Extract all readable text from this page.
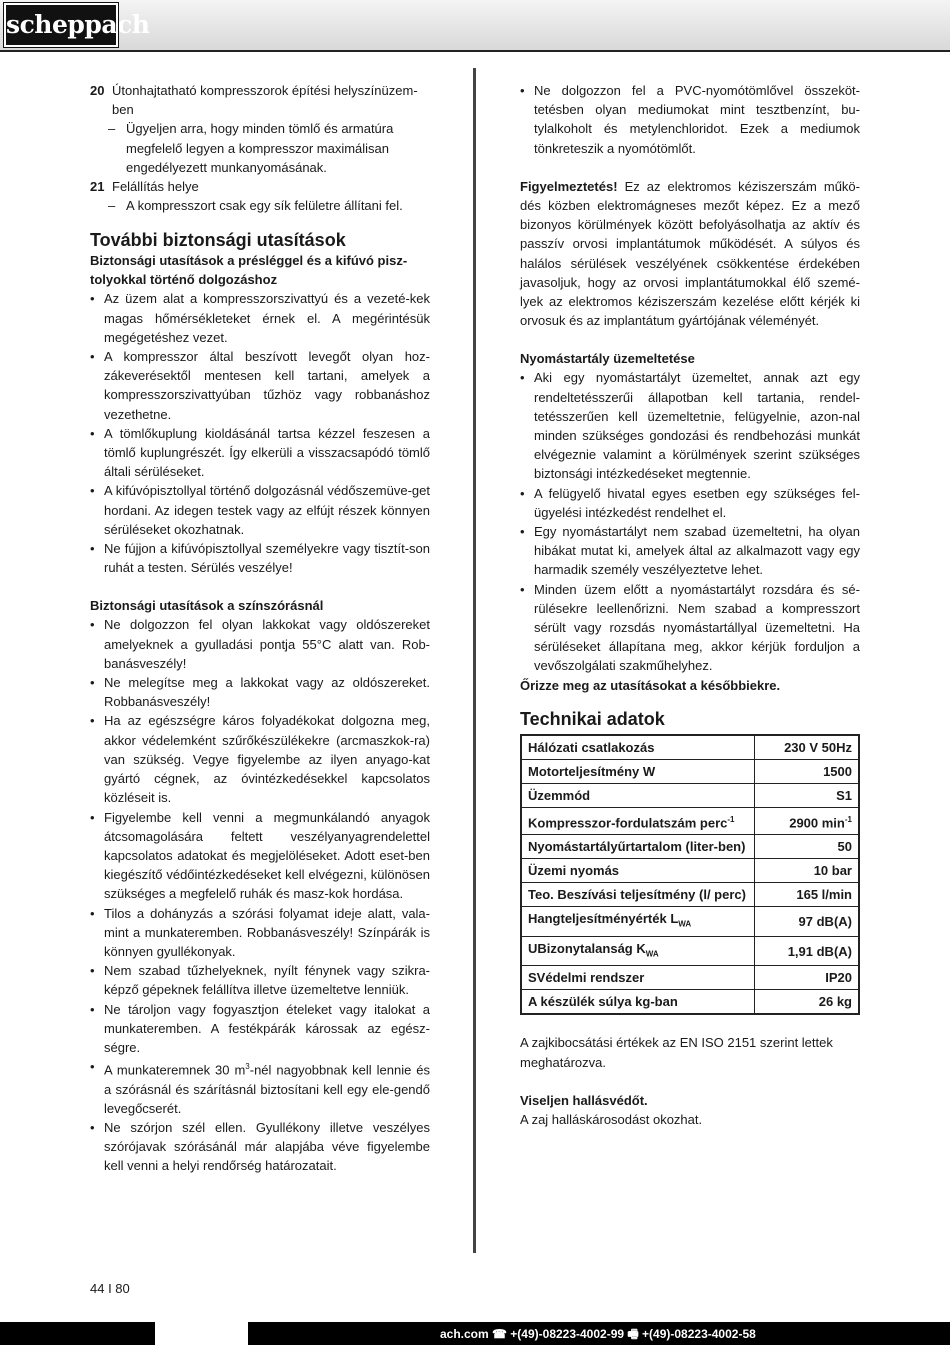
scheppach

20 Útonhajtatható kompresszorok építési helyszínüzem-ben

– Ügyeljen arra, hogy minden tömlő és armatúra megfelelő legyen a kompresszor maximálisan engedélyezett munkanyomásának.

21 Felállítás helye

– A kompresszort csak egy sík felületre állítani fel.

További biztonsági utasítások
Biztonsági utasítások a présléggel és a kifúvó pisz-tolyokkal történő dolgozáshoz
• Az üzem alat a kompresszorszivattyú és a vezeté-kek magas hőmérsékleteket érnek el. A megérintésük megégetéshez vezet.
• A kompresszor által beszívott levegőt olyan hoz-zákeverésektől mentesen kell tartani, amelyek a kompresszorszivattyúban tűzhöz vagy robbanáshoz vezethetne.
• A tömlőkuplung kioldásánál tartsa kézzel feszesen a tömlő kuplungrészét. Így elkerüli a visszacsapódó tömlő általi sérüléseket.
• A kifúvópisztollyal történő dolgozásnál védőszemüve-get hordani. Az idegen testek vagy az elfújt részek könnyen sérüléseket okozhatnak.
• Ne fújjon a kifúvópisztollyal személyekre vagy tisztít-son ruhát a testen. Sérülés veszélye!
Biztonsági utasítások a színszórásnál
• Ne dolgozzon fel olyan lakkokat vagy oldószereket amelyeknek a gyulladási pontja 55°C alatt van. Rob-banásveszély!
• Ne melegítse meg a lakkokat vagy az oldószereket. Robbanásveszély!
• Ha az egészségre káros folyadékokat dolgozna meg, akkor védelemként szűrőkészülékekre (arcmaszkok-ra) van szükség. Vegye figyelembe az ilyen anyago-kat gyártó cégnek, az óvintézkedésekkel kapcsolatos közléseit is.
• Figyelembe kell venni a megmunkálandó anyagok átcsomagolására feltett veszélyanyagrendelettel kapcsolatos adatokat és megjelöléseket. Adott eset-ben kiegészítő védőintézkedéseket kell elvégezni, különösen szükséges a megfelelő ruhák és masz-kok hordása.
• Tilos a dohányzás a szórási folyamat ideje alatt, vala-mint a munkateremben. Robbanásveszély! Színpárák is könnyen gyullékonyak.
• Nem szabad tűzhelyeknek, nyílt fénynek vagy szikra-képző gépeknek felállítva illetve üzemeltetve lenniük.
• Ne tároljon vagy fogyasztjon ételeket vagy italokat a munkateremben. A festékpárák károssak az egész-ségre.
• A munkateremnek 30 $m^3$-nél nagyobbnak kell lennie és a szórásnál és szárításnál biztosítani kell egy ele-gendő levegőcserét.
• Ne szórjon szél ellen. Gyullékony illetve veszélyes szórójavak szórásánál már alapjába véve figyelembe kell venni a helyi rendőrség határozatait.
• Ne dolgozzon fel a PVC-nyomótömlővel összeköt-tetésben olyan mediumokat mint tesztbenzínt, bu-tylalkoholt és metylenchloridot. Ezek a mediumok tönkreteszik a nyomótömlőt.

Figyelmeztetés! Ez az elektromos kéziszerszám műkö-dés közben elektromágneses mezőt képez. Ez a mező bizonyos körülmények között befolyásolhatja az aktív és passzív orvosi implantátumok működését. A súlyos és halálos sérülések veszélyének csökkentése érdekében javasoljuk, hogy az orvosi implantátumokkal élő szemé-lyek az elektromos kéziszerszám kezelése előtt kérjék ki orvosuk és az implantátum gyártójának véleményét.

Nyomástartály üzemeltetése
• Aki egy nyomástartályt üzemeltet, annak azt egy rendeltetésszerűi állapotban kell tartania, rendel-tetésszerűen kell üzemeltetnie, felügyelnie, azon-nal minden szükséges gondozási és rendbehozási munkát elvégeznie valamint a körülmények szerint szükséges biztonsági intézkedéseket megtennie.
• A felügyelő hivatal egyes esetben egy szükséges fel-ügyelési intézkedést rendelhet el.
• Egy nyomástartályt nem szabad üzemeltetni, ha olyan hibákat mutat ki, amelyek által az alkalmazott vagy egy harmadik személy veszélyeztetve lehet.
• Minden üzem előtt a nyomástartályt rozsdára és sé-rülésekre leellenőrizni. Nem szabad a kompresszort sérült vagy rozsdás nyomástartállyal üzemeltetni. Ha sérüléseket állapítana meg, akkor kérjük forduljon a vevőszolgálati szakműhelyhez.

Őrizze meg az utasításokat a későbbiekre.

Technikai adatok
Hálózati csatlakozás	230 V 50Hz
Motorteljesítmény W	1500
Üzemmód	S1
Kompresszor-fordulatszám perc$^{-1}$	2900 $\min^{-1}$
Nyomástartályűrtartalom (liter-ben)	50
Üzemi nyomás	10 bar
Teo. Beszívási teljesítmény (l/ perc)	165 l/min
Hangteljesítményérték $L_{WA}$	97 dB(A)
UBizonytalanság $K_{WA}$	1,91 dB(A)
SVédelmi rendszer	IP20
A készülék súlya kg-ban	26 kg

A zajkibocsátási értékek az EN ISO 2151 szerint lettek meghatározva.

Viseljen hallásvédőt.

A zaj halláskárosodást okozhat.

44 I 80
ach.com ☎ +(49)-08223-4002-99 🖷 +(49)-08223-4002-58
